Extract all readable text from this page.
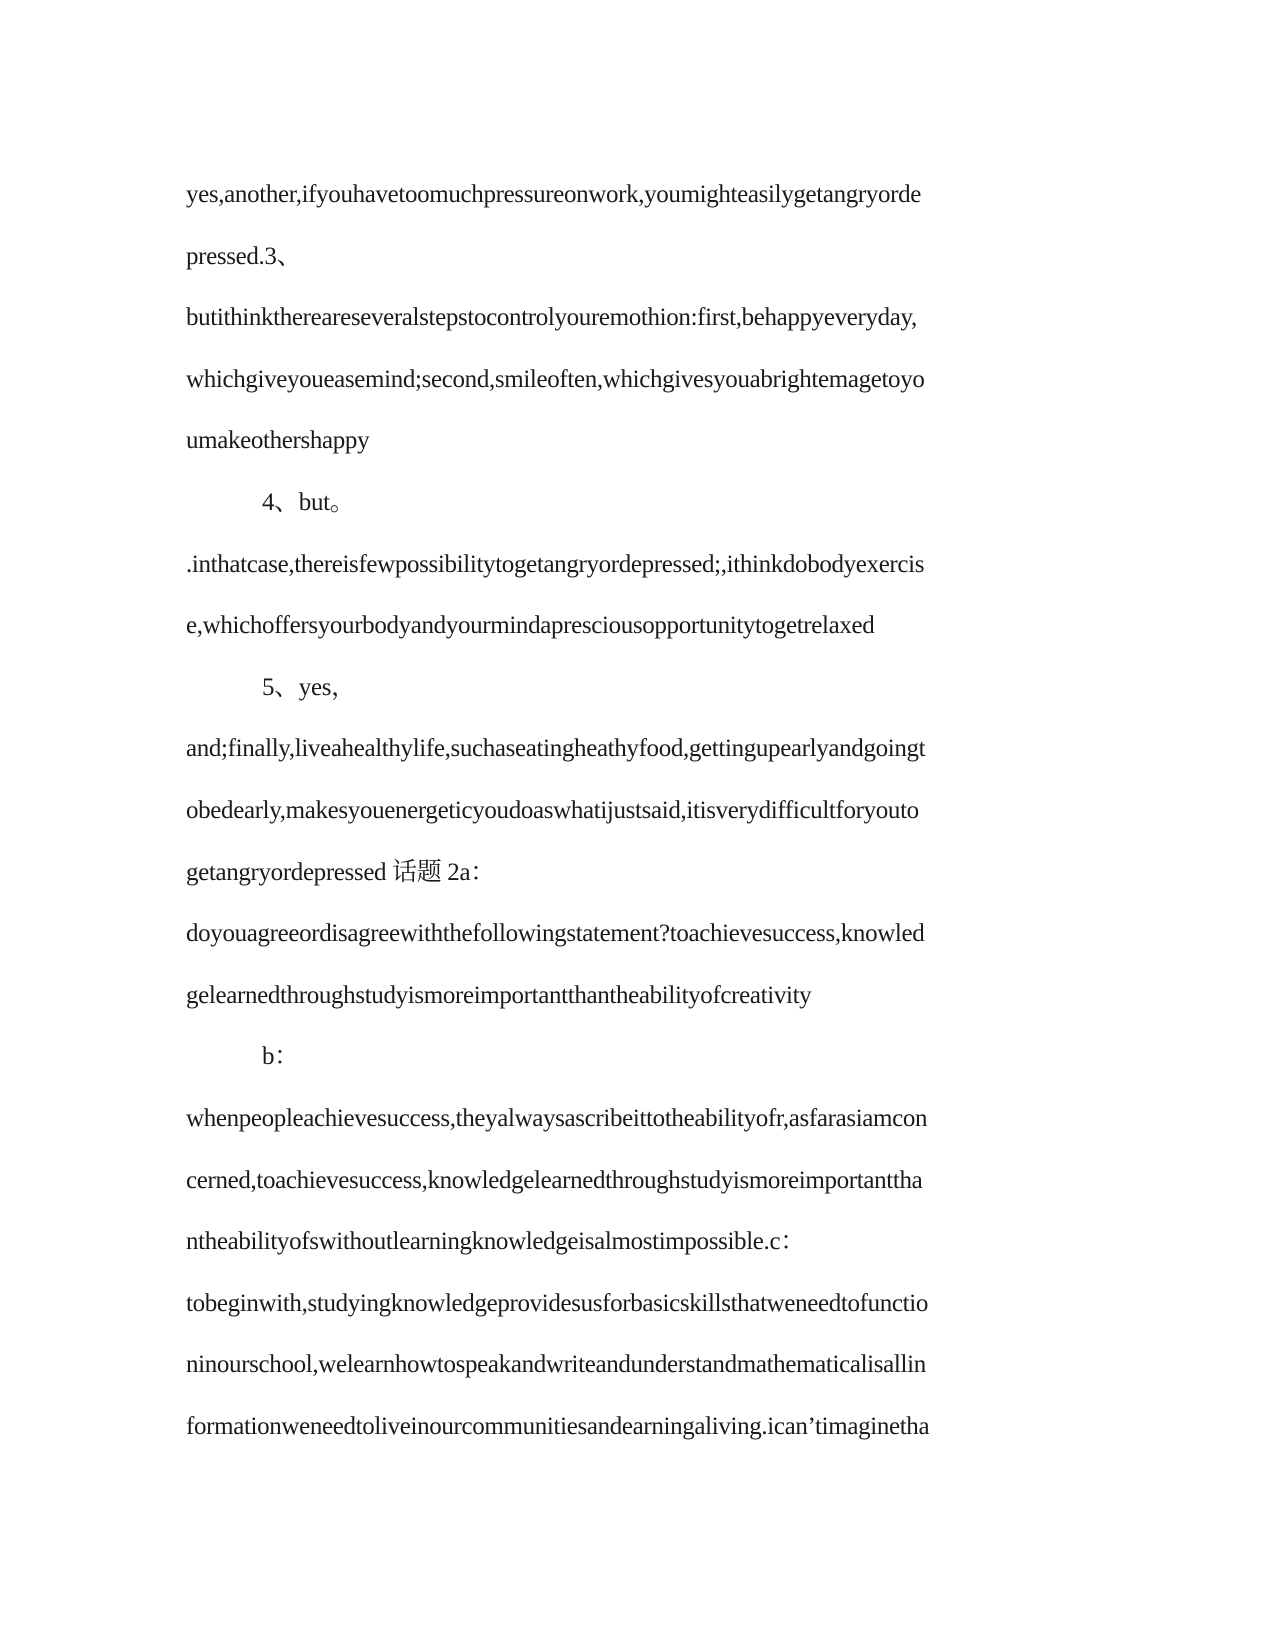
yes,another,ifyouhavetoomuchpressureonwork,youmighteasilygetangryorde
pressed.3、
butithinkthereareseveralstepstocontrolyouremothion:first,behappyeveryday,
whichgiveyoueasemind;second,smileoften,whichgivesyouabrightemagetoyo
umakeothershappy
4、but。
.inthatcase,thereisfewpossibilitytogetangryordepressed;,ithinkdobodyexercis
e,whichoffersyourbodyandyourmindapresciousopportunitytogetrelaxed
5、yes，
and;finally,liveahealthylife,suchaseatingheathyfood,gettingupearlyandgoingt
obedearly,makesyouenergeticyoudoaswhatijustsaid,itisverydifficultforyouto
getangryordepressed 话题 2a：
doyouagreeordisagreewiththefollowingstatement?toachievesuccess,knowled
gelearnedthroughstudyismoreimportantthantheabilityofcreativity
b：
whenpeopleachievesuccess,theyalwaysascribeittotheabilityofr,asfarasiamcon
cerned,toachievesuccess,knowledgelearnedthroughstudyismoreimportanttha
ntheabilityofswithoutlearningknowledgeisalmostimpossible.c：
tobeginwith,studyingknowledgeprovidesusforbasicskillsthatweneedtofunctio
ninourschool,welearnhowtospeakandwriteandunderstandmathematicalisallin
formationweneedtoliveinourcommunitiesandearningaliving.ican’timaginetha
